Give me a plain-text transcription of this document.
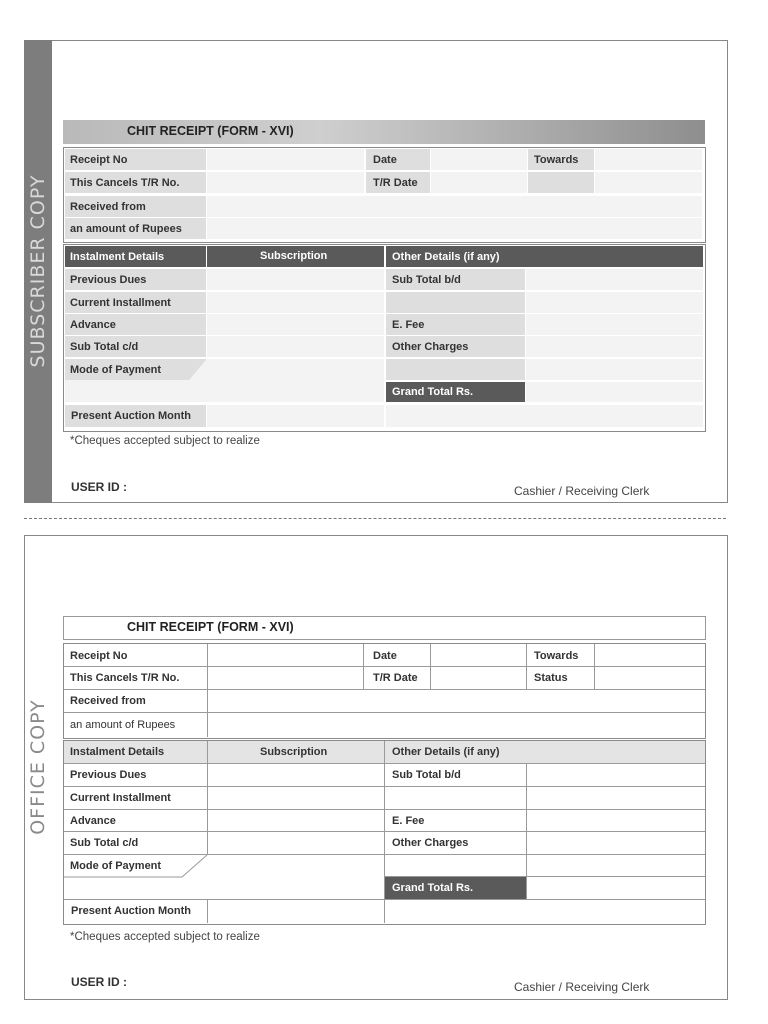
SUBSCRIBER COPY
CHIT RECEIPT (FORM - XVI)
Receipt No	Date	Towards
This Cancels T/R No.	T/R Date
Received from
an amount of Rupees
Instalment Details	Subscription	Other Details (if any)
Previous Dues	Sub Total b/d
Current Installment
Advance	E. Fee
Sub Total c/d	Other Charges
Mode of Payment
Grand Total Rs.
Present Auction Month
*Cheques accepted subject to realize
USER ID :	Cashier / Receiving Clerk
OFFICE COPY
CHIT RECEIPT (FORM - XVI)
Receipt No	Date	Towards
This Cancels T/R No.	T/R Date	Status
Received from
an amount of Rupees
Instalment Details	Subscription	Other Details (if any)
Previous Dues	Sub Total b/d
Current Installment
Advance	E. Fee
Sub Total c/d	Other Charges
Mode of Payment
Grand Total Rs.
Present Auction Month
*Cheques accepted subject to realize
USER ID :	Cashier / Receiving Clerk
